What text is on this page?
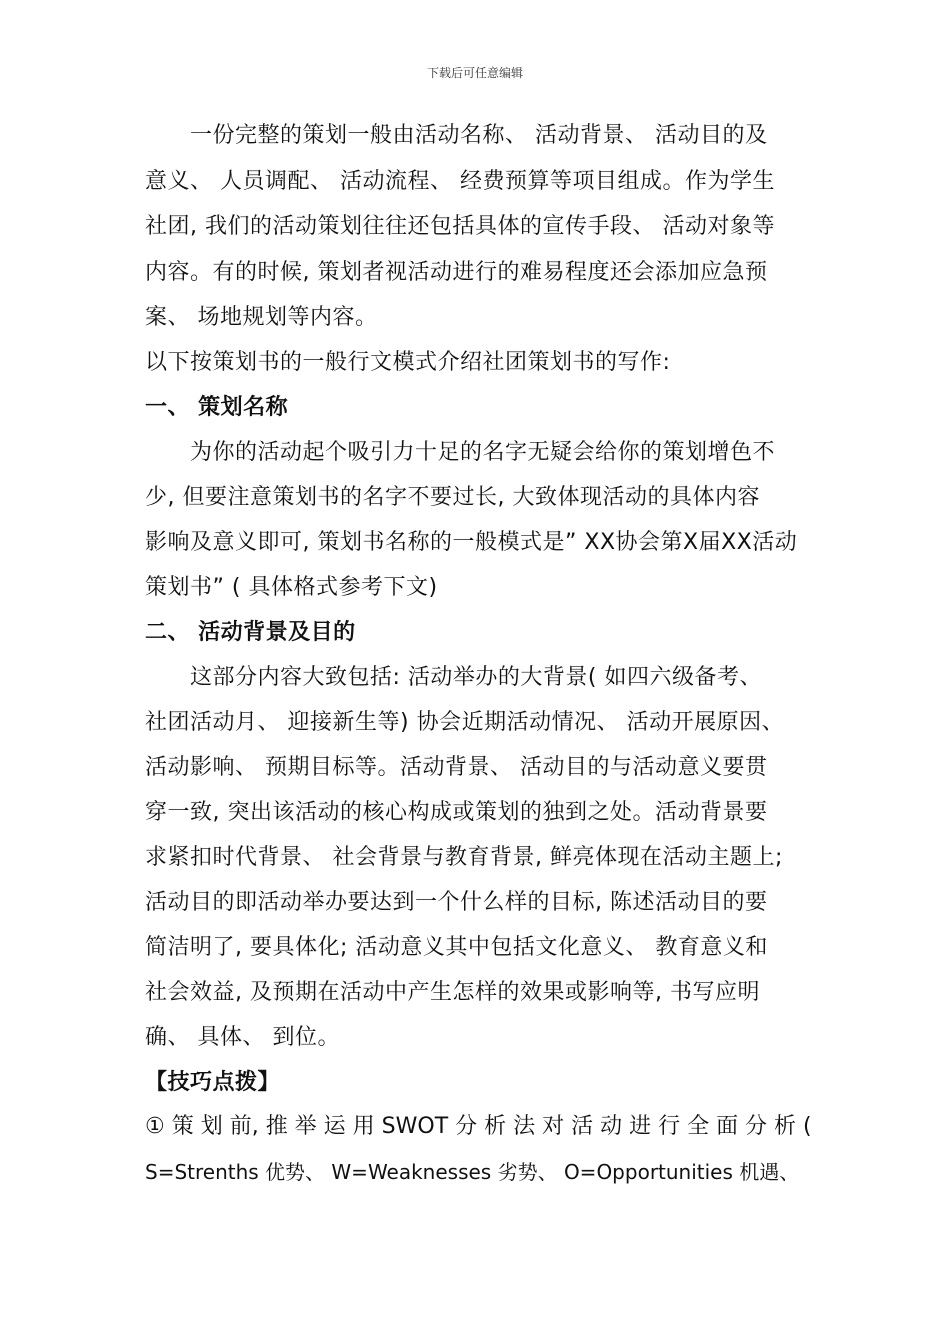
下载后可任意编辑
一份完整的策划一般由活动名称、 活动背景、 活动目的及
意义、 人员调配、 活动流程、 经费预算等项目组成。作为学生
社团, 我们的活动策划往往还包括具体的宣传手段、 活动对象等
内容。有的时候, 策划者视活动进行的难易程度还会添加应急预
案、 场地规划等内容。
以下按策划书的一般行文模式介绍社团策划书的写作:
一、 策划名称
为你的活动起个吸引力十足的名字无疑会给你的策划增色不
少, 但要注意策划书的名字不要过长, 大致体现活动的具体内容
影响及意义即可, 策划书名称的一般模式是” XX协会第X届XX活动
策划书” ( 具体格式参考下文)
二、 活动背景及目的
这部分内容大致包括: 活动举办的大背景( 如四六级备考、
社团活动月、 迎接新生等) 协会近期活动情况、 活动开展原因、
活动影响、 预期目标等。活动背景、 活动目的与活动意义要贯
穿一致, 突出该活动的核心构成或策划的独到之处。活动背景要
求紧扣时代背景、 社会背景与教育背景, 鲜亮体现在活动主题上;
活动目的即活动举办要达到一个什么样的目标, 陈述活动目的要
简洁明了, 要具体化; 活动意义其中包括文化意义、 教育意义和
社会效益, 及预期在活动中产生怎样的效果或影响等, 书写应明
确、 具体、 到位。
【技巧点拨】
① 策 划 前, 推 举 运 用 SWOT 分 析 法 对 活 动 进 行 全 面 分 析 (
S=Strenths 优势、 W=Weaknesses 劣势、 O=Opportunities 机遇、
